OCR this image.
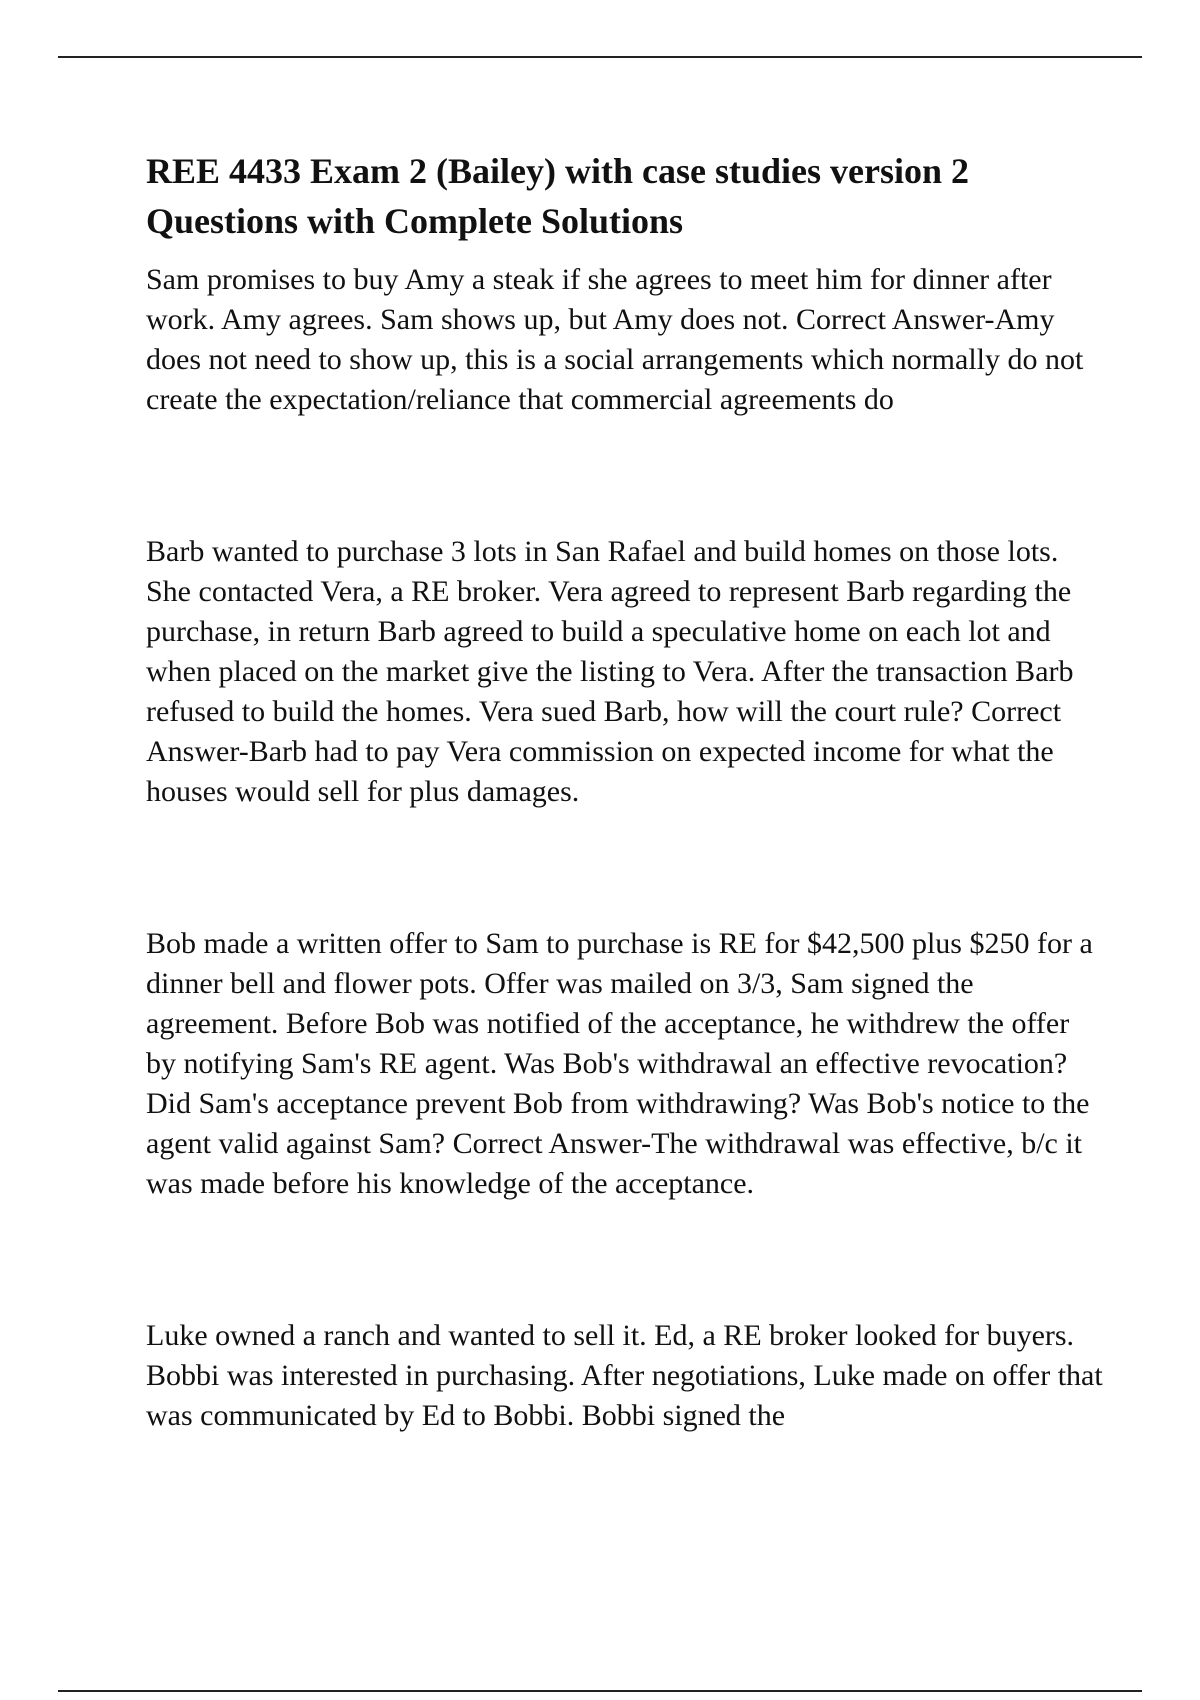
REE 4433 Exam 2 (Bailey) with case studies version 2 Questions with Complete Solutions

Sam promises to buy Amy a steak if she agrees to meet him for dinner after work. Amy agrees. Sam shows up, but Amy does not. Correct Answer-Amy does not need to show up, this is a social arrangements which normally do not create the expectation/reliance that commercial agreements do

Barb wanted to purchase 3 lots in San Rafael and build homes on those lots. She contacted Vera, a RE broker. Vera agreed to represent Barb regarding the purchase, in return Barb agreed to build a speculative home on each lot and when placed on the market give the listing to Vera. After the transaction Barb refused to build the homes. Vera sued Barb, how will the court rule? Correct Answer-Barb had to pay Vera commission on expected income for what the houses would sell for plus damages.

Bob made a written offer to Sam to purchase is RE for $42,500 plus $250 for a dinner bell and flower pots. Offer was mailed on 3/3, Sam signed the agreement. Before Bob was notified of the acceptance, he withdrew the offer by notifying Sam's RE agent. Was Bob's withdrawal an effective revocation? Did Sam's acceptance prevent Bob from withdrawing? Was Bob's notice to the agent valid against Sam? Correct Answer-The withdrawal was effective, b/c it was made before his knowledge of the acceptance.

Luke owned a ranch and wanted to sell it. Ed, a RE broker looked for buyers. Bobbi was interested in purchasing. After negotiations, Luke made on offer that was communicated by Ed to Bobbi. Bobbi signed the
